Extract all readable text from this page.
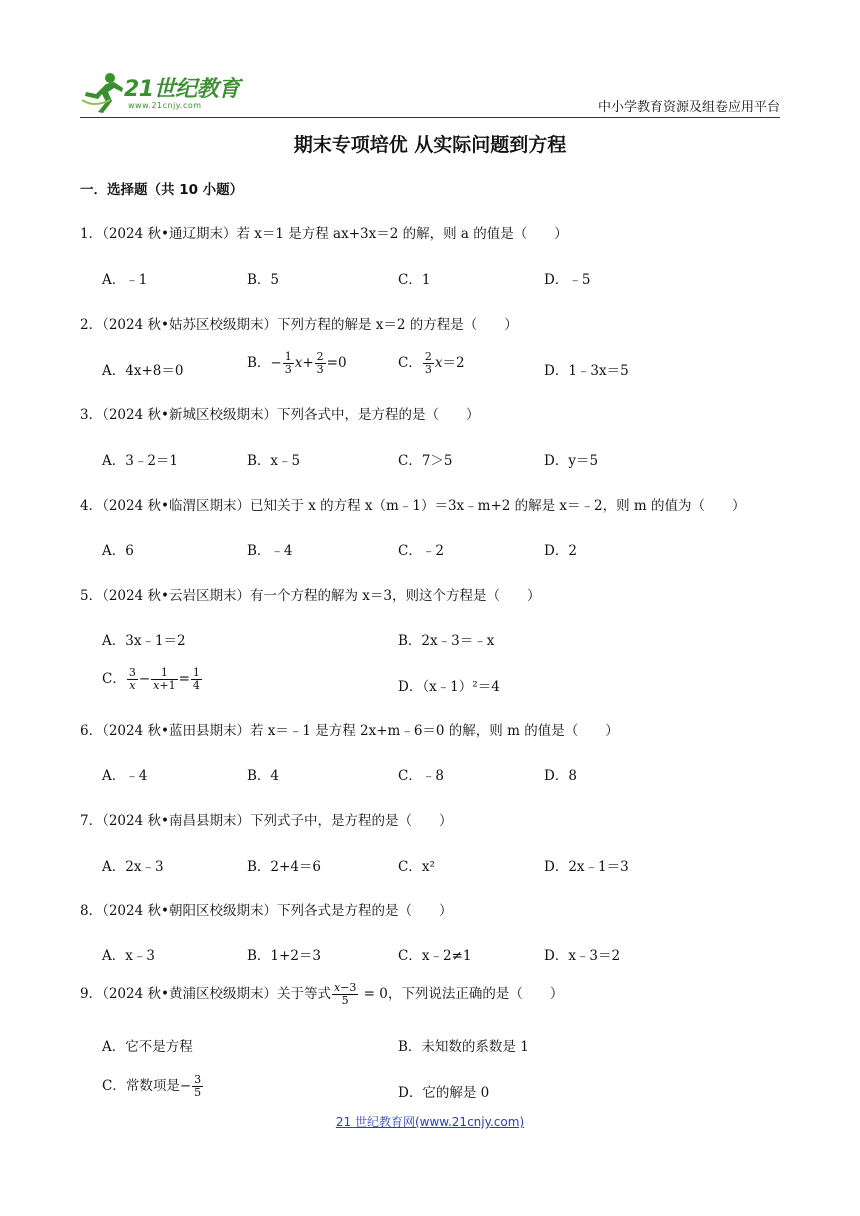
21世纪教育
www.21cnjy.com	中小学教育资源及组卷应用平台
期末专项培优 从实际问题到方程
一．选择题（共 10 小题）
1．（2024 秋•通辽期末）若 x＝1 是方程 ax+3x＝2 的解，则 a 的值是（　　）
A．﹣1	B．5	C．1	D．﹣5
2．（2024 秋•姑苏区校级期末）下列方程的解是 x＝2 的方程是（　　）
A．4x+8＝0	B．− $\frac{1}{3} x+ \frac{2}{3} =0$	C． $\frac{2}{3} x=2$	D．1﹣3x＝5
3．（2024 秋•新城区校级期末）下列各式中，是方程的是（　　）
A．3﹣2＝1	B．x﹣5	C．7＞5	D．y＝5
4．（2024 秋•临渭区期末）已知关于 x 的方程 x（m﹣1）＝3x﹣m+2 的解是 x＝﹣2，则 m 的值为（　　）
A．6	B．﹣4	C．﹣2	D．2
5．（2024 秋•云岩区期末）有一个方程的解为 x＝3，则这个方程是（　　）
A．3x﹣1＝2	B．2x﹣3＝﹣x
C． $\frac{3}{x} - \frac{1}{x+1} = \frac{1}{4}$	D．（x﹣1）²＝4
6．（2024 秋•蓝田县期末）若 x＝﹣1 是方程 2x+m﹣6＝0 的解，则 m 的值是（　　）
A．﹣4	B．4	C．﹣8	D．8
7．（2024 秋•南昌县期末）下列式子中，是方程的是（　　）
A．2x﹣3	B．2+4＝6	C．x²	D．2x﹣1＝3
8．（2024 秋•朝阳区校级期末）下列各式是方程的是（　　）
A．x﹣3	B．1+2＝3	C．x﹣2≠1	D．x﹣3＝2
9．（2024 秋•黄浦区校级期末）关于等式 $\frac{x-3}{5} = 0$，下列说法正确的是（　　）
A．它不是方程	B．未知数的系数是 1
C．常数项是− $\frac{3}{5}$	D．它的解是 0
21 世纪教育网(www.21cnjy.com)
